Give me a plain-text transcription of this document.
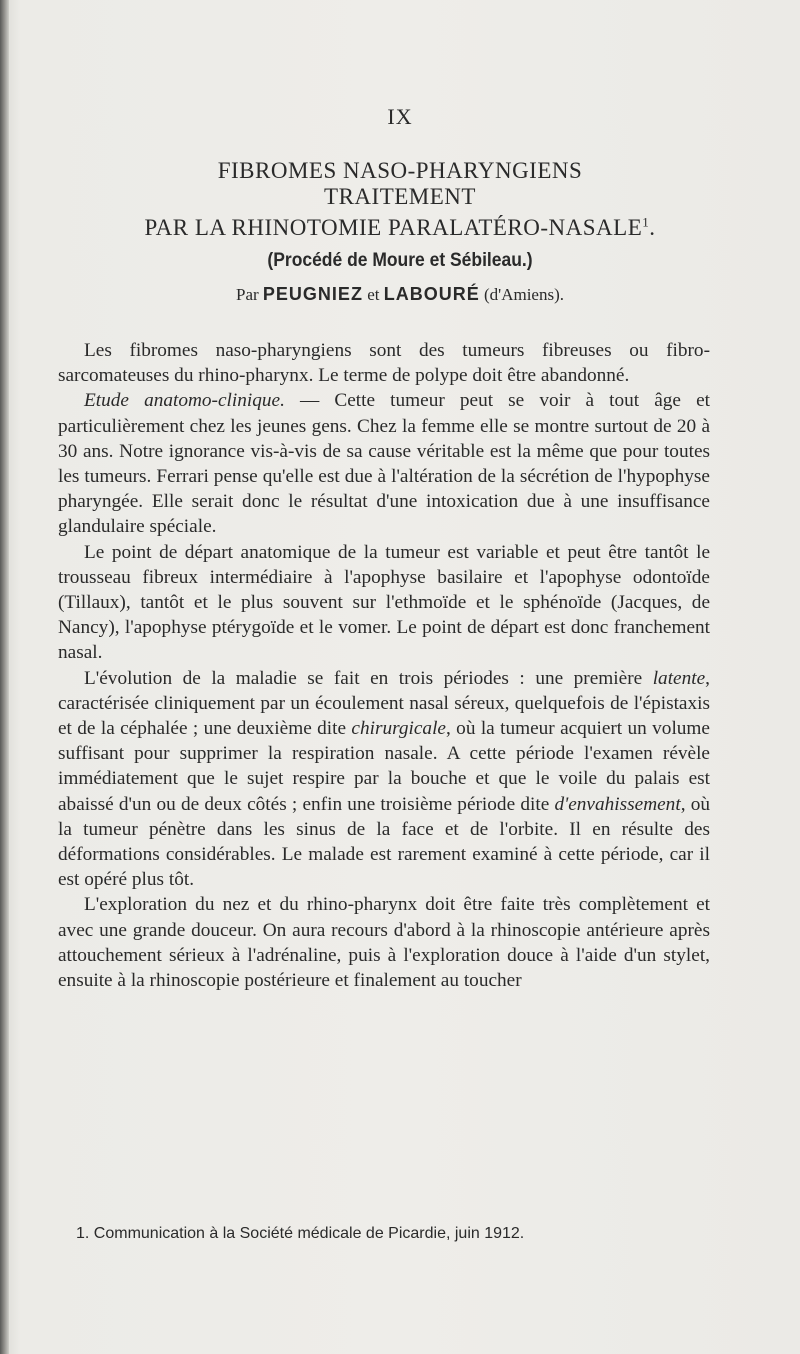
IX
FIBROMES NASO-PHARYNGIENS
TRAITEMENT
PAR LA RHINOTOMIE PARALATÉRO-NASALE$^1$.
(Procédé de Moure et Sébileau.)
Par PEUGNIEZ et LABOURÉ (d'Amiens).

Les fibromes naso-pharyngiens sont des tumeurs fibreuses ou fibro-sarcomateuses du rhino-pharynx. Le terme de polype doit être abandonné.

Etude anatomo-clinique. — Cette tumeur peut se voir à tout âge et particulièrement chez les jeunes gens. Chez la femme elle se montre surtout de 20 à 30 ans. Notre ignorance vis-à-vis de sa cause véritable est la même que pour toutes les tumeurs. Ferrari pense qu'elle est due à l'altération de la sécrétion de l'hypophyse pharyngée. Elle serait donc le résultat d'une intoxication due à une insuffisance glandulaire spéciale.

Le point de départ anatomique de la tumeur est variable et peut être tantôt le trousseau fibreux intermédiaire à l'apophyse basilaire et l'apophyse odontoïde (Tillaux), tantôt et le plus souvent sur l'ethmoïde et le sphénoïde (Jacques, de Nancy), l'apophyse ptérygoïde et le vomer. Le point de départ est donc franchement nasal.

L'évolution de la maladie se fait en trois périodes : une première latente, caractérisée cliniquement par un écoulement nasal séreux, quelquefois de l'épistaxis et de la céphalée ; une deuxième dite chirurgicale, où la tumeur acquiert un volume suffisant pour supprimer la respiration nasale. A cette période l'examen révèle immédiatement que le sujet respire par la bouche et que le voile du palais est abaissé d'un ou de deux côtés ; enfin une troisième période dite d'envahissement, où la tumeur pénètre dans les sinus de la face et de l'orbite. Il en résulte des déformations considérables. Le malade est rarement examiné à cette période, car il est opéré plus tôt.

L'exploration du nez et du rhino-pharynx doit être faite très complètement et avec une grande douceur. On aura recours d'abord à la rhinoscopie antérieure après attouchement sérieux à l'adrénaline, puis à l'exploration douce à l'aide d'un stylet, ensuite à la rhinoscopie postérieure et finalement au toucher

1. Communication à la Société médicale de Picardie, juin 1912.
